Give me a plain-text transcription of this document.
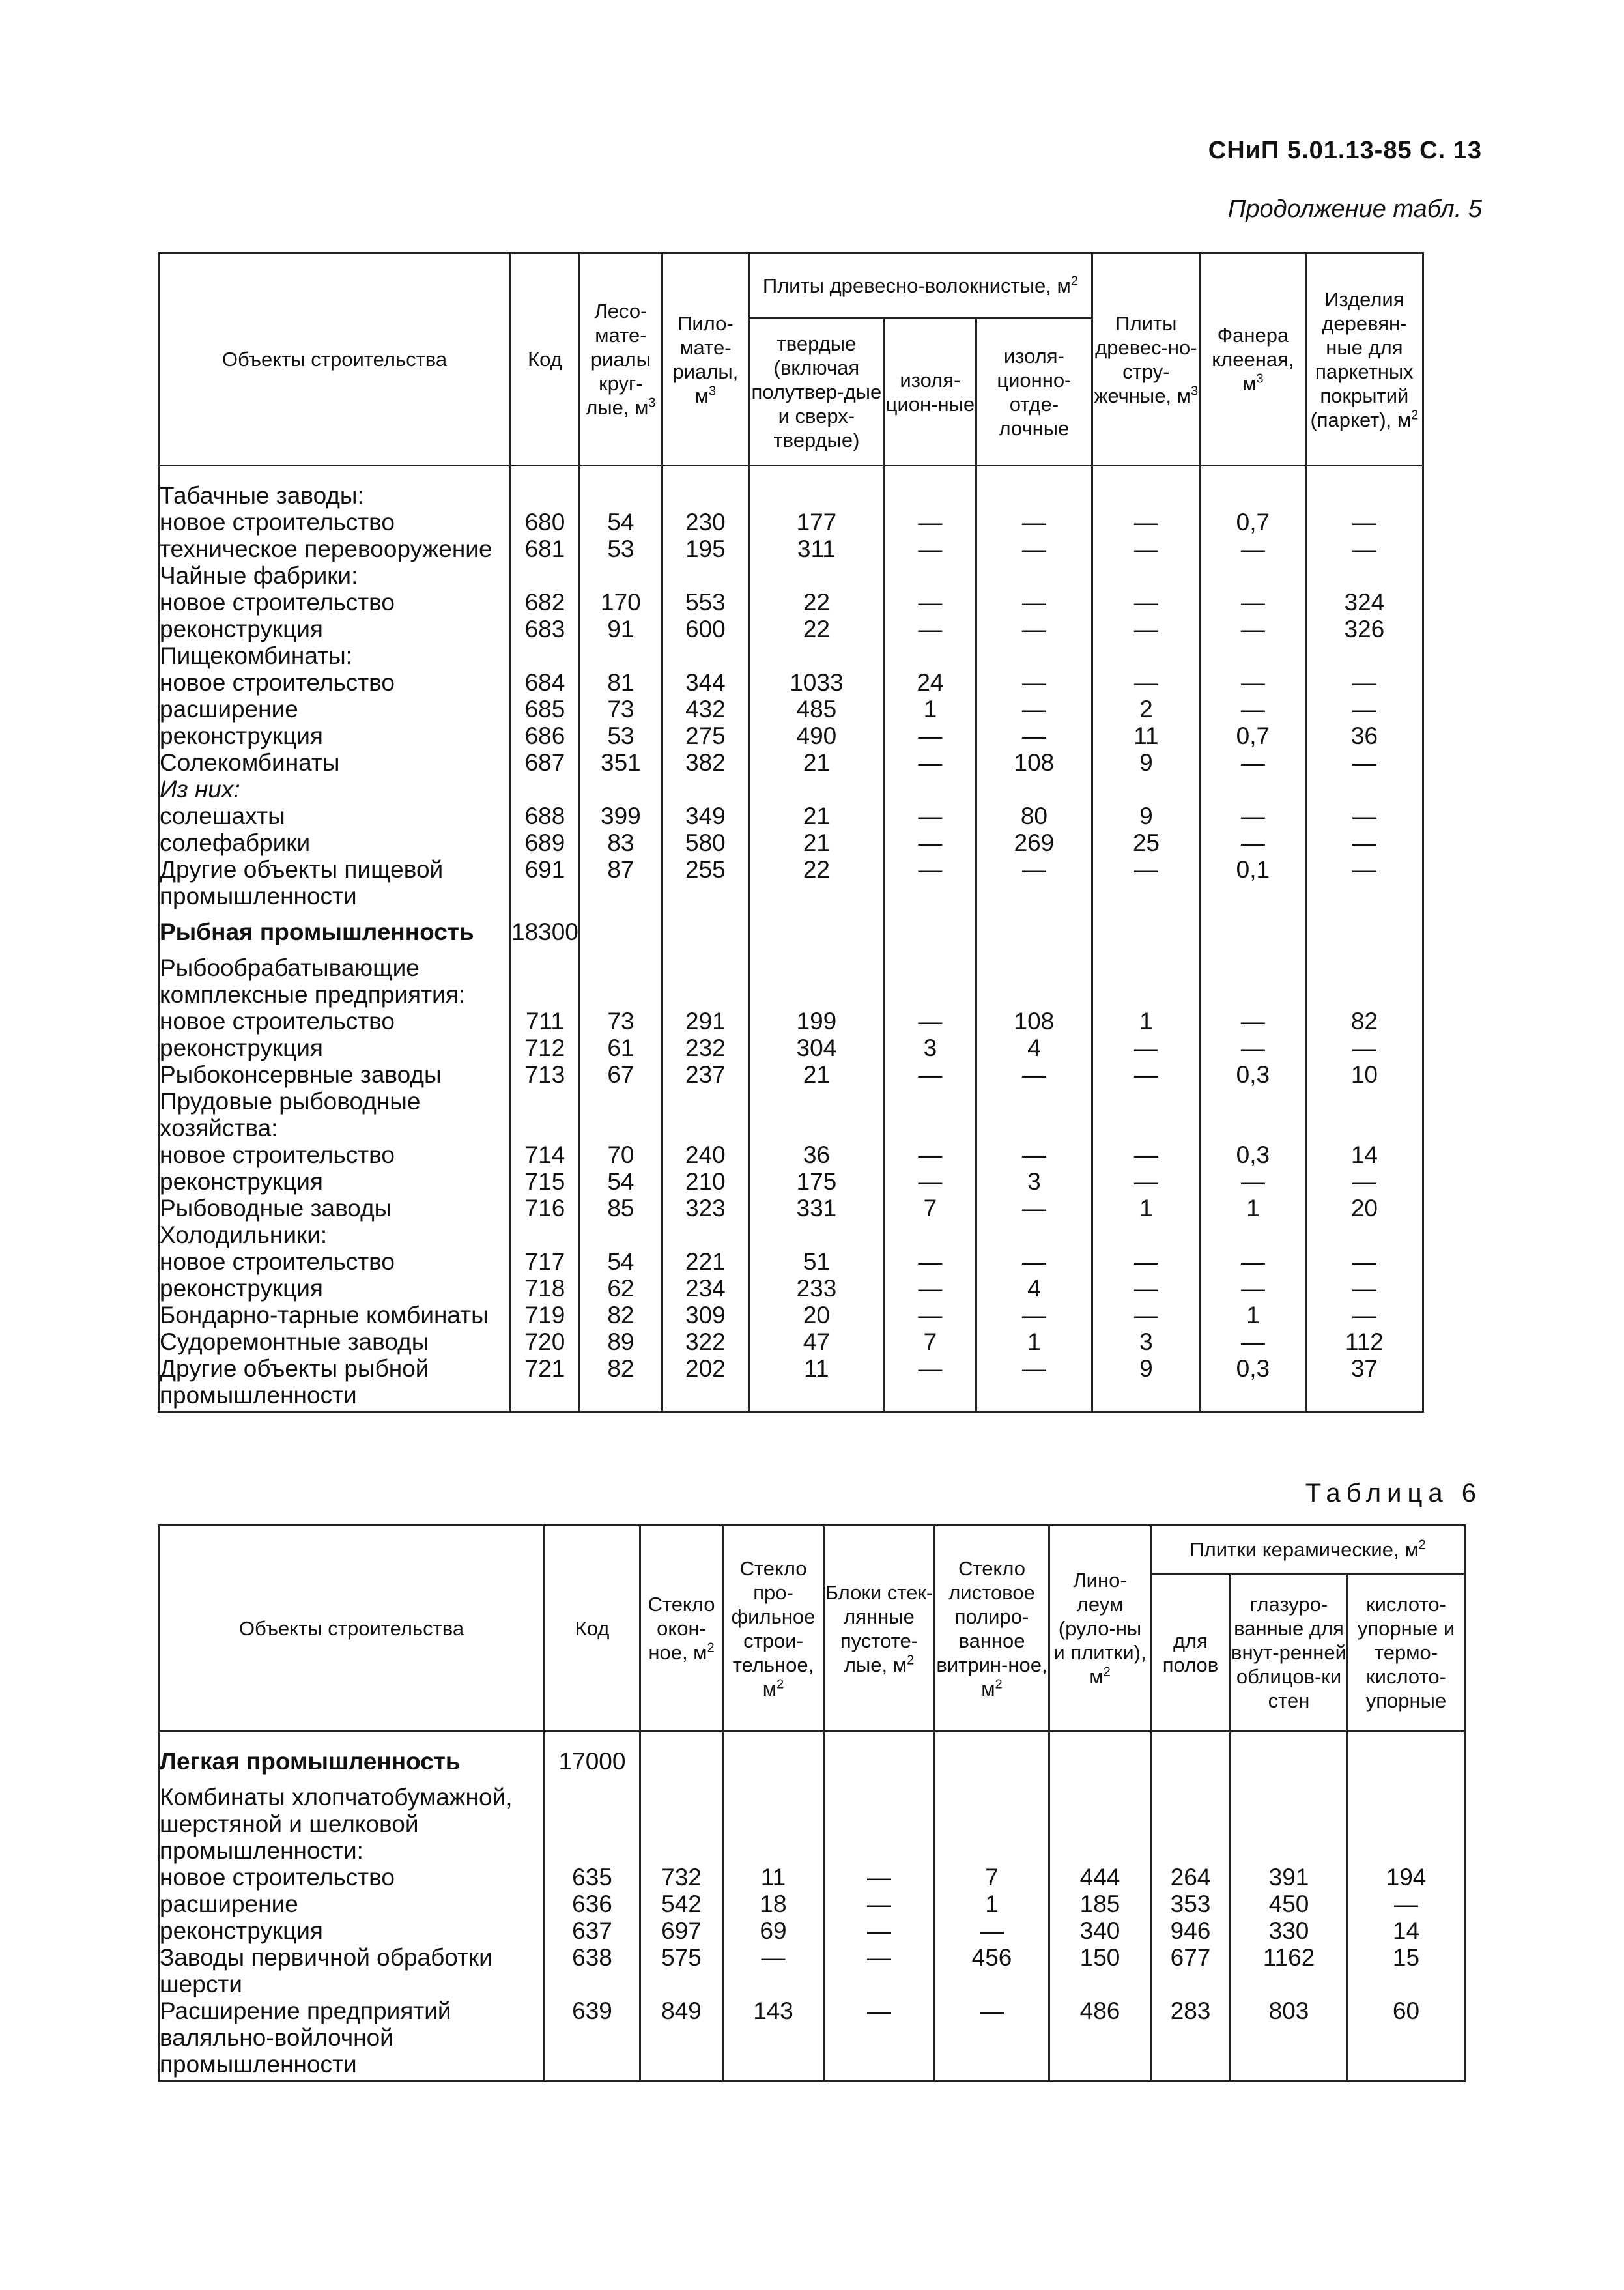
СНиП 5.01.13-85 С. 13
Продолжение табл. 5
Объекты строительства	Код	Лесо-мате-риалы круг-лые, $м^3$	Пило-мате-риалы, $м^3$	Плиты древесно-волокнистые, $м^2$			Плиты древес-но-стру-жечные, $м^3$	Фанера клееная, $м^3$	Изделия деревян-ные для паркетных покрытий (паркет), $м^2$
				твердые (включая полутвер-дые и сверх-твердые)	изоля-цион-ные	изоля-ционно-отде-лочные			
Табачные заводы:									
новое строительство	680	54	230	177	—	—	—	0,7	—
техническое перевооружение	681	53	195	311	—	—	—	—	—
Чайные фабрики:									
новое строительство	682	170	553	22	—	—	—	—	324
реконструкция	683	91	600	22	—	—	—	—	326
Пищекомбинаты:									
новое строительство	684	81	344	1033	24	—	—	—	—
расширение	685	73	432	485	1	—	2	—	—
реконструкция	686	53	275	490	—	—	11	0,7	36
Солекомбинаты	687	351	382	21	—	108	9	—	—
Из них:									
солешахты	688	399	349	21	—	80	9	—	—
солефабрики	689	83	580	21	—	269	25	—	—
Другие объекты пищевой промышленности	691	87	255	22	—	—	—	0,1	—
Рыбная промышленность	18300								
Рыбообрабатывающие комплексные предприятия:									
новое строительство	711	73	291	199	—	108	1	—	82
реконструкция	712	61	232	304	3	4	—	—	—
Рыбоконсервные заводы	713	67	237	21	—	—	—	0,3	10
Прудовые рыбоводные хозяйства:									
новое строительство	714	70	240	36	—	—	—	0,3	14
реконструкция	715	54	210	175	—	3	—	—	—
Рыбоводные заводы	716	85	323	331	7	—	1	1	20
Холодильники:									
новое строительство	717	54	221	51	—	—	—	—	—
реконструкция	718	62	234	233	—	4	—	—	—
Бондарно-тарные комбинаты	719	82	309	20	—	—	—	1	—
Судоремонтные заводы	720	89	322	47	7	1	3	—	112
Другие объекты рыбной промышленности	721	82	202	11	—	—	9	0,3	37
Таблица 6
Объекты строительства	Код	Стекло окон-ное, $м^2$	Стекло про-фильное строи-тельное, $м^2$	Блоки стек-лянные пустоте-лые, $м^2$	Стекло листовое полиро-ванное витрин-ное, $м^2$	Лино-леум (руло-ны и плитки), $м^2$	Плитки керамические, $м^2$
							для полов	глазуро-ванные для внут-ренней облицов-ки стен	кислото-упорные и термо-кислото-упорные
Легкая промышленность	17000								
Комбинаты хлопчатобумажной, шерстяной и шелковой промышленности:									
новое строительство	635	732	11	—	7	444	264	391	194
расширение	636	542	18	—	1	185	353	450	—
реконструкция	637	697	69	—	—	340	946	330	14
Заводы первичной обработки шерсти	638	575	—	—	456	150	677	1162	15
Расширение предприятий валяльно-войлочной промышленности	639	849	143	—	—	486	283	803	60
